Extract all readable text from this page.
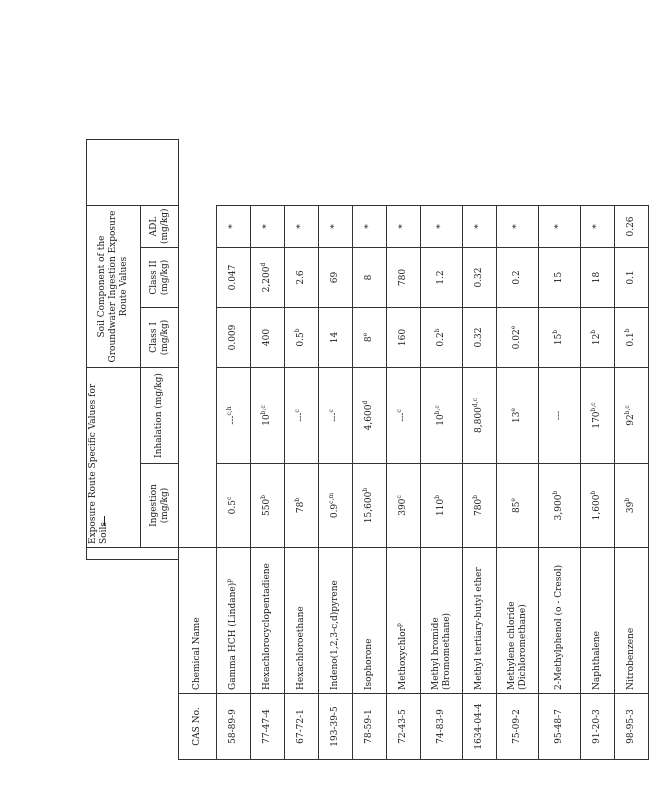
			Exposure Route Specific Values for Soils		Soil Component of the Groundwater Ingestion Exposure Route Values			
			Ingestion (mg/kg)	Inhalation (mg/kg)	Class I (mg/kg)	Class II (mg/kg)	ADL (mg/kg)	
CAS No.	Chemical Name							
58-89-9	Gamma HCH (Lindane)$^p$		0.5$^c$	---$^{c,h}$	0.009	0.047	*	
77-47-4	Hexachlorocyclopentadiene		550$^b$	10$^{b,c}$	400	2,200$^d$	*	
67-72-1	Hexachloroethane		78$^b$	---$^c$	0.5$^b$	2.6	*	
193-39-5	Indeno(1,2,3-c,d)pyrene		0.9$^{c,m}$	---$^c$	14	69	*	
78-59-1	Isophorone		15,600$^b$	4,600$^d$	8e	8	*	
72-43-5	Methoxychlor$^p$		390$^c$	---$^c$	160	780	*	
74-83-9	Methyl bromide (Bromomethane)		110$^b$	10$^{b,c}$	0.2$^b$	1.2	*	
1634-04-4	Methyl tertiary-butyl ether		780$^b$	8,800$^{d,c}$	0.32	0.32	*	
75-09-2	Methylene chloride (Dichloromethane)		85e	13e	0.02e	0.2	*	
95-48-7	2-Methylphenol (o - Cresol)		3,900$^b$	---	15$^b$	15	*	
91-20-3	Naphthalene		1,600$^b$	170$^{b,c}$	12$^b$	18	*	
98-95-3	Nitrobenzene		39$^b$	92$^{b,c}$	0.1$^b$	0.1	0.26	
